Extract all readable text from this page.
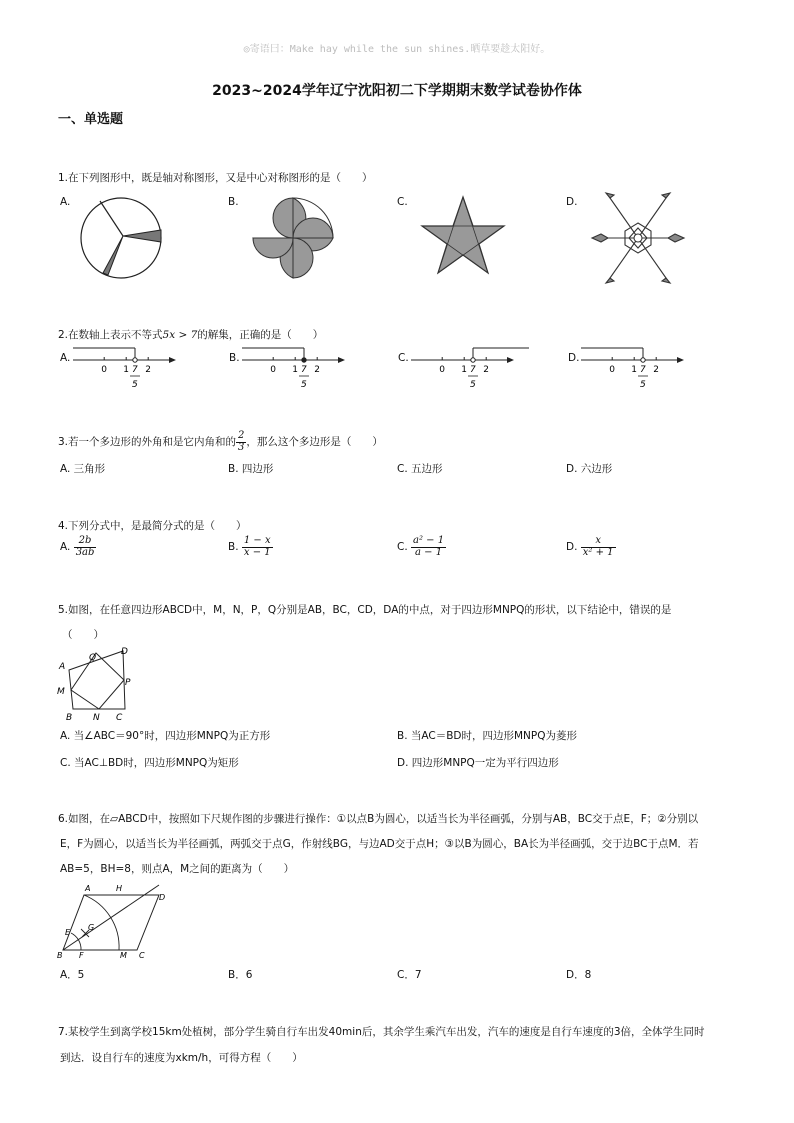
◎寄语曰：Make hay while the sun shines.晒草要趁太阳好。
2023~2024学年辽宁沈阳初二下学期期末数学试卷协作体
一、单选题
1.在下列图形中，既是轴对称图形，又是中心对称图形的是（　　）
A.	B.	C.	D.
2.在数轴上表示不等式5x > 7的解集，正确的是（　　）
3.若一个多边形的外角和是它内角和的 $\frac{2}{3}$ ，那么这个多边形是（　　）
A. 三角形	B. 四边形	C. 五边形	D. 六边形
4.下列分式中，是最简分式的是（　　）
A. $\frac{2b}{3ab}$	B. $\frac{1 - x}{x - 1}$	C. $\frac{\text{a² − 1}}{a - 1}$	D. $\frac{x}{\text{x² + 1}}$
5.如图，在任意四边形ABCD中，M，N，P，Q分别是AB，BC，CD，DA的中点，对于四边形MNPQ的形状，以下结论中，错误的是
（　　）
A
Q
D
M
P
B N C
A. 当∠ABC＝90°时，四边形MNPQ为正方形	B. 当AC＝BD时，四边形MNPQ为菱形
C. 当AC⊥BD时，四边形MNPQ为矩形	D. 四边形MNPQ一定为平行四边形
6.如图，在▱ABCD中，按照如下尺规作图的步骤进行操作：①以点B为圆心，以适当长为半径画弧，分别与AB，BC交于点E，F；②分别以
E，F为圆心，以适当长为半径画弧，两弧交于点G，作射线BG，与边AD交于点H；③以B为圆心，BA长为半径画弧，交于边BC于点M．若
AB=5，BH=8，则点A，M之间的距离为（　　）
A	H
D
E
G
B F	M C
A．5	B．6	C．7	D．8
7.某校学生到离学校15km处植树，部分学生骑自行车出发40min后，其余学生乘汽车出发，汽车的速度是自行车速度的3倍，全体学生同时
到达．设自行车的速度为xkm/h，可得方程（　　）
A.
0 1 2
7
5
B.
0 1 2
7
5
C.
0 1 2
7
5
D.
0 1 2
7
5
